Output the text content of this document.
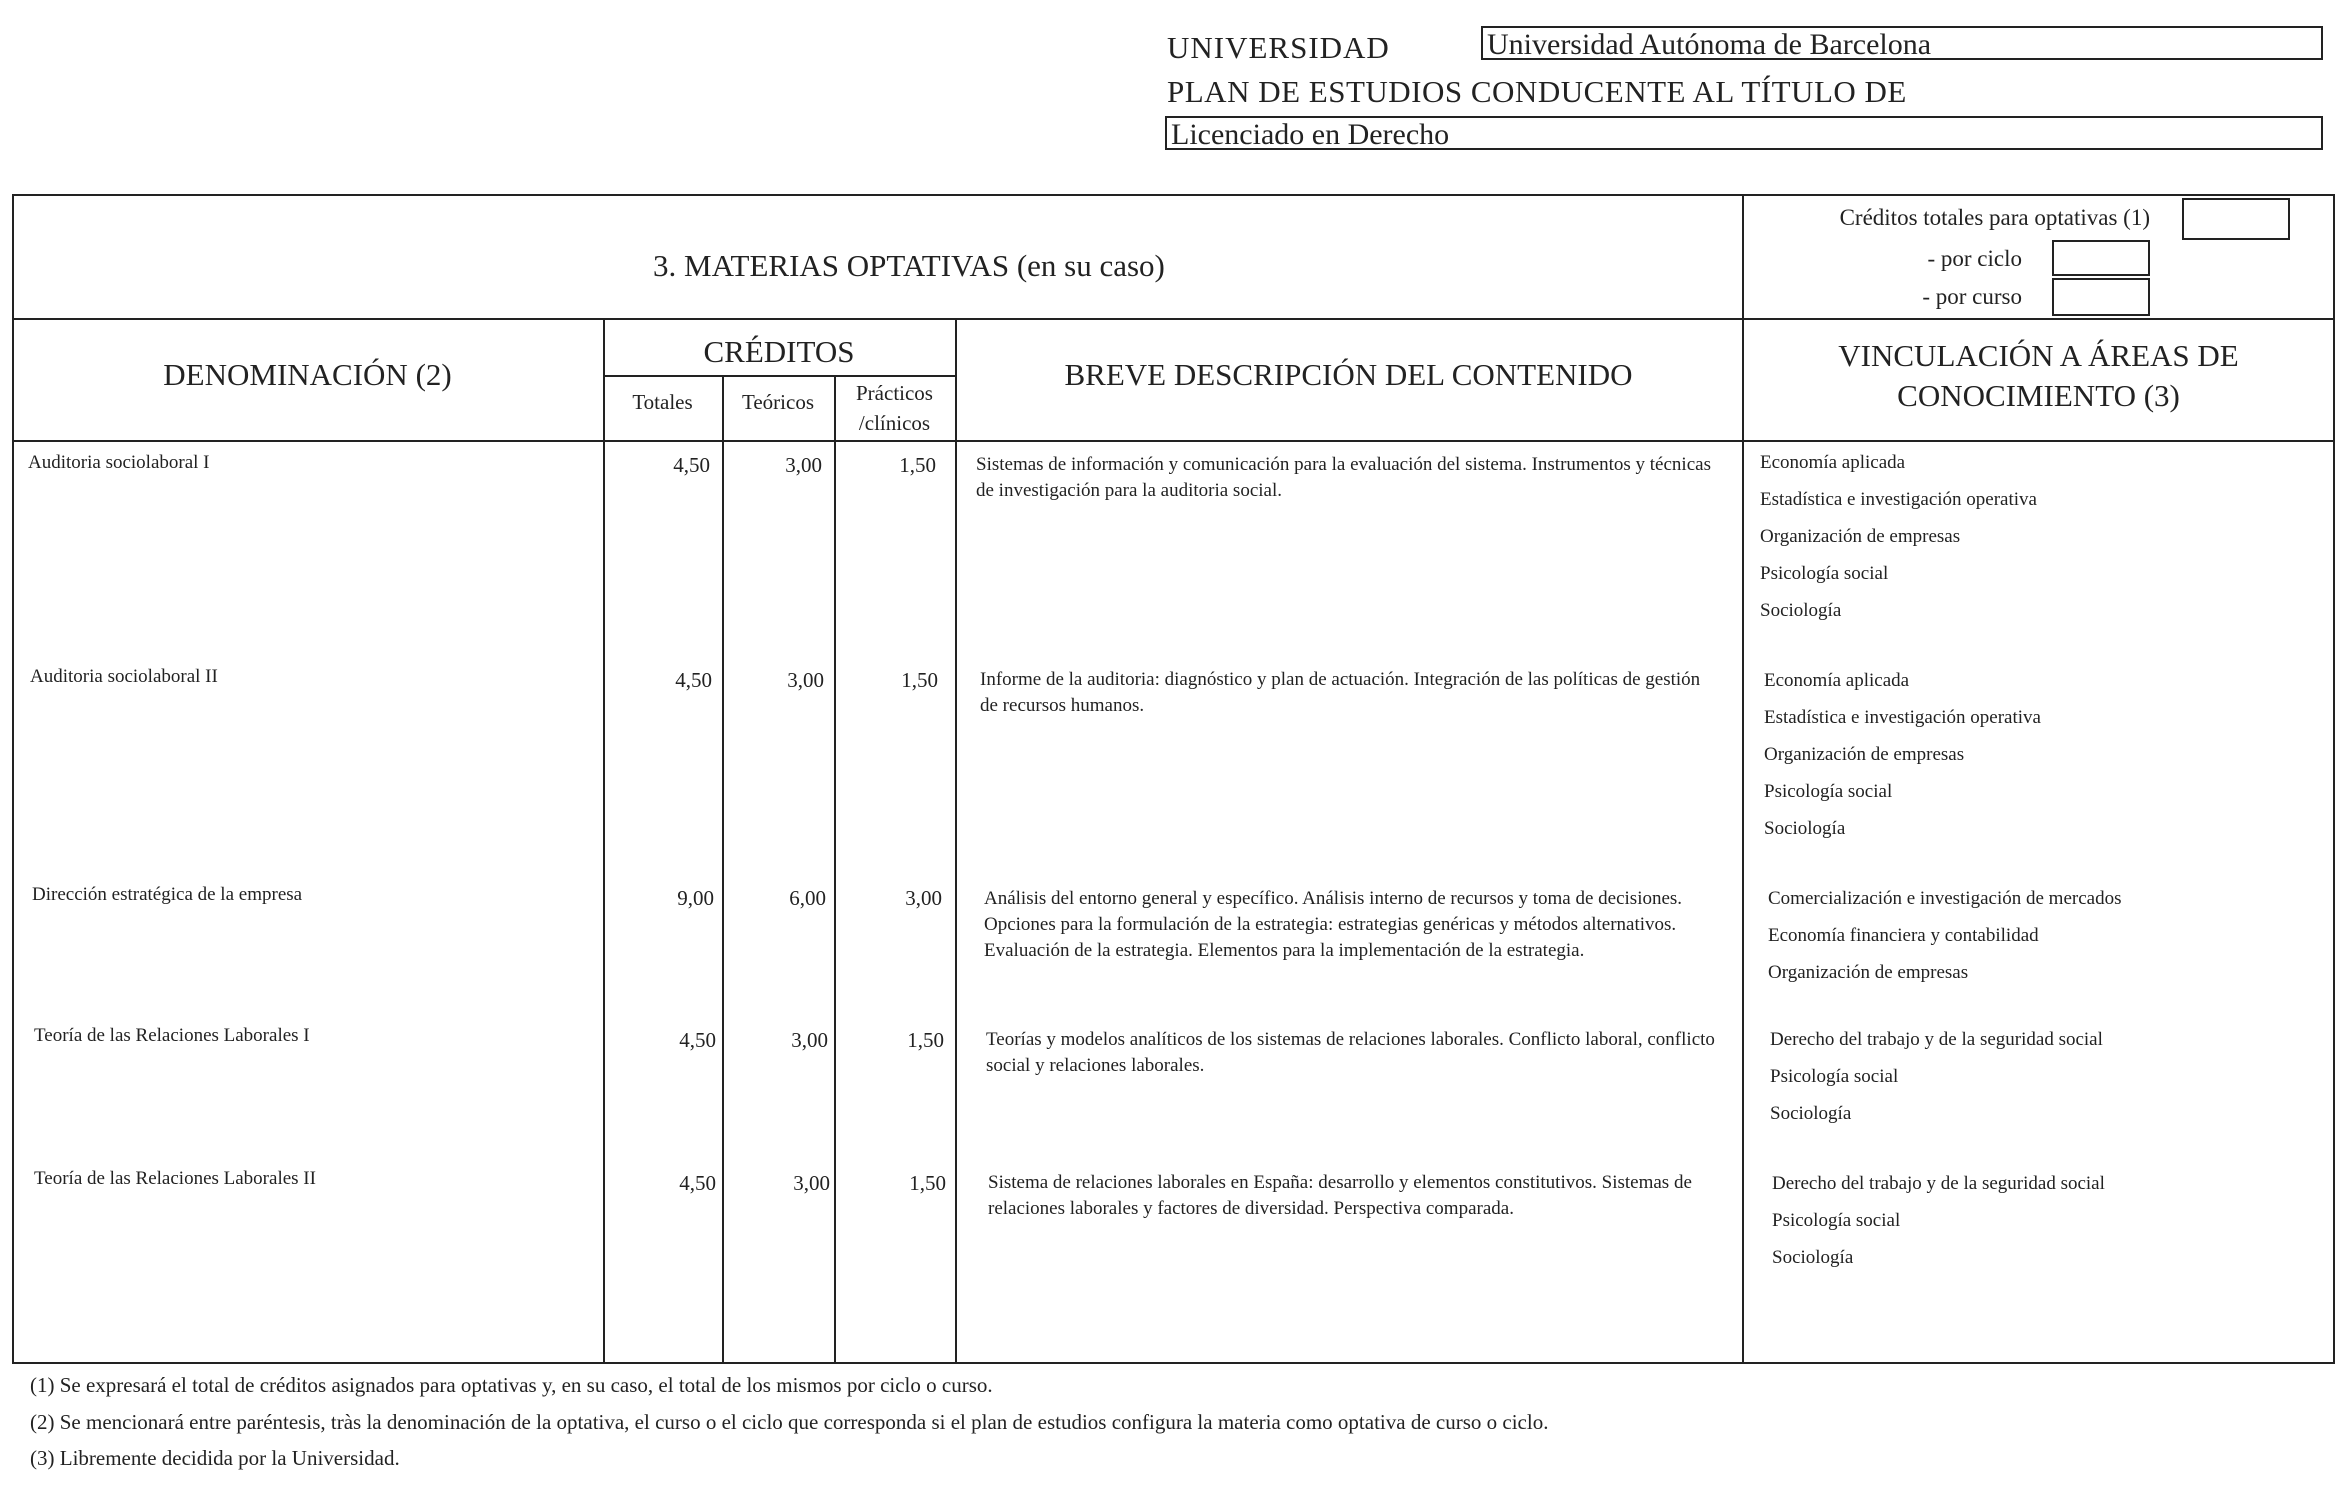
UNIVERSIDAD	Universidad Autónoma de Barcelona
PLAN DE ESTUDIOS CONDUCENTE AL TÍTULO DE
Licenciado en Derecho
3. MATERIAS OPTATIVAS (en su caso)
Créditos totales para optativas (1)
- por ciclo
- por curso
DENOMINACIÓN (2)
CRÉDITOS
Totales	Teóricos	Prácticos
/clínicos
BREVE DESCRIPCIÓN DEL CONTENIDO
VINCULACIÓN A ÁREAS DE
CONOCIMIENTO (3)
Auditoria sociolaboral I	4,50	3,00	1,50 Sistemas de información y comunicación para la evaluación del sistema. Instrumentos y técnicas de investigación para la auditoria social.
Economía aplicada
Estadística e investigación operativa
Organización de empresas
Psicología social
Sociología
Auditoria sociolaboral II	4,50	3,00	1,50 Informe de la auditoria: diagnóstico y plan de actuación. Integración de las políticas de gestión de recursos humanos.
Economía aplicada
Estadística e investigación operativa
Organización de empresas
Psicología social
Sociología
Dirección estratégica de la empresa	9,00	6,00	3,00 Análisis del entorno general y específico. Análisis interno de recursos y toma de decisiones. Opciones para la formulación de la estrategia: estrategias genéricas y métodos alternativos. Evaluación de la estrategia. Elementos para la implementación de la estrategia.
Comercialización e investigación de mercados
Economía financiera y contabilidad
Organización de empresas
Teoría de las Relaciones Laborales I	4,50	3,00	1,50 Teorías y modelos analíticos de los sistemas de relaciones laborales. Conflicto laboral, conflicto social y relaciones laborales.
Derecho del trabajo y de la seguridad social
Psicología social
Sociología
Teoría de las Relaciones Laborales II	4,50	3,00	1,50 Sistema de relaciones laborales en España: desarrollo y elementos constitutivos. Sistemas de relaciones laborales y factores de diversidad. Perspectiva comparada.
Derecho del trabajo y de la seguridad social
Psicología social
Sociología
(1) Se expresará el total de créditos asignados para optativas y, en su caso, el total de los mismos por ciclo o curso.
(2) Se mencionará entre paréntesis, tràs la denominación de la optativa, el curso o el ciclo que corresponda si el plan de estudios configura la materia como optativa de curso o ciclo.
(3) Libremente decidida por la Universidad.
